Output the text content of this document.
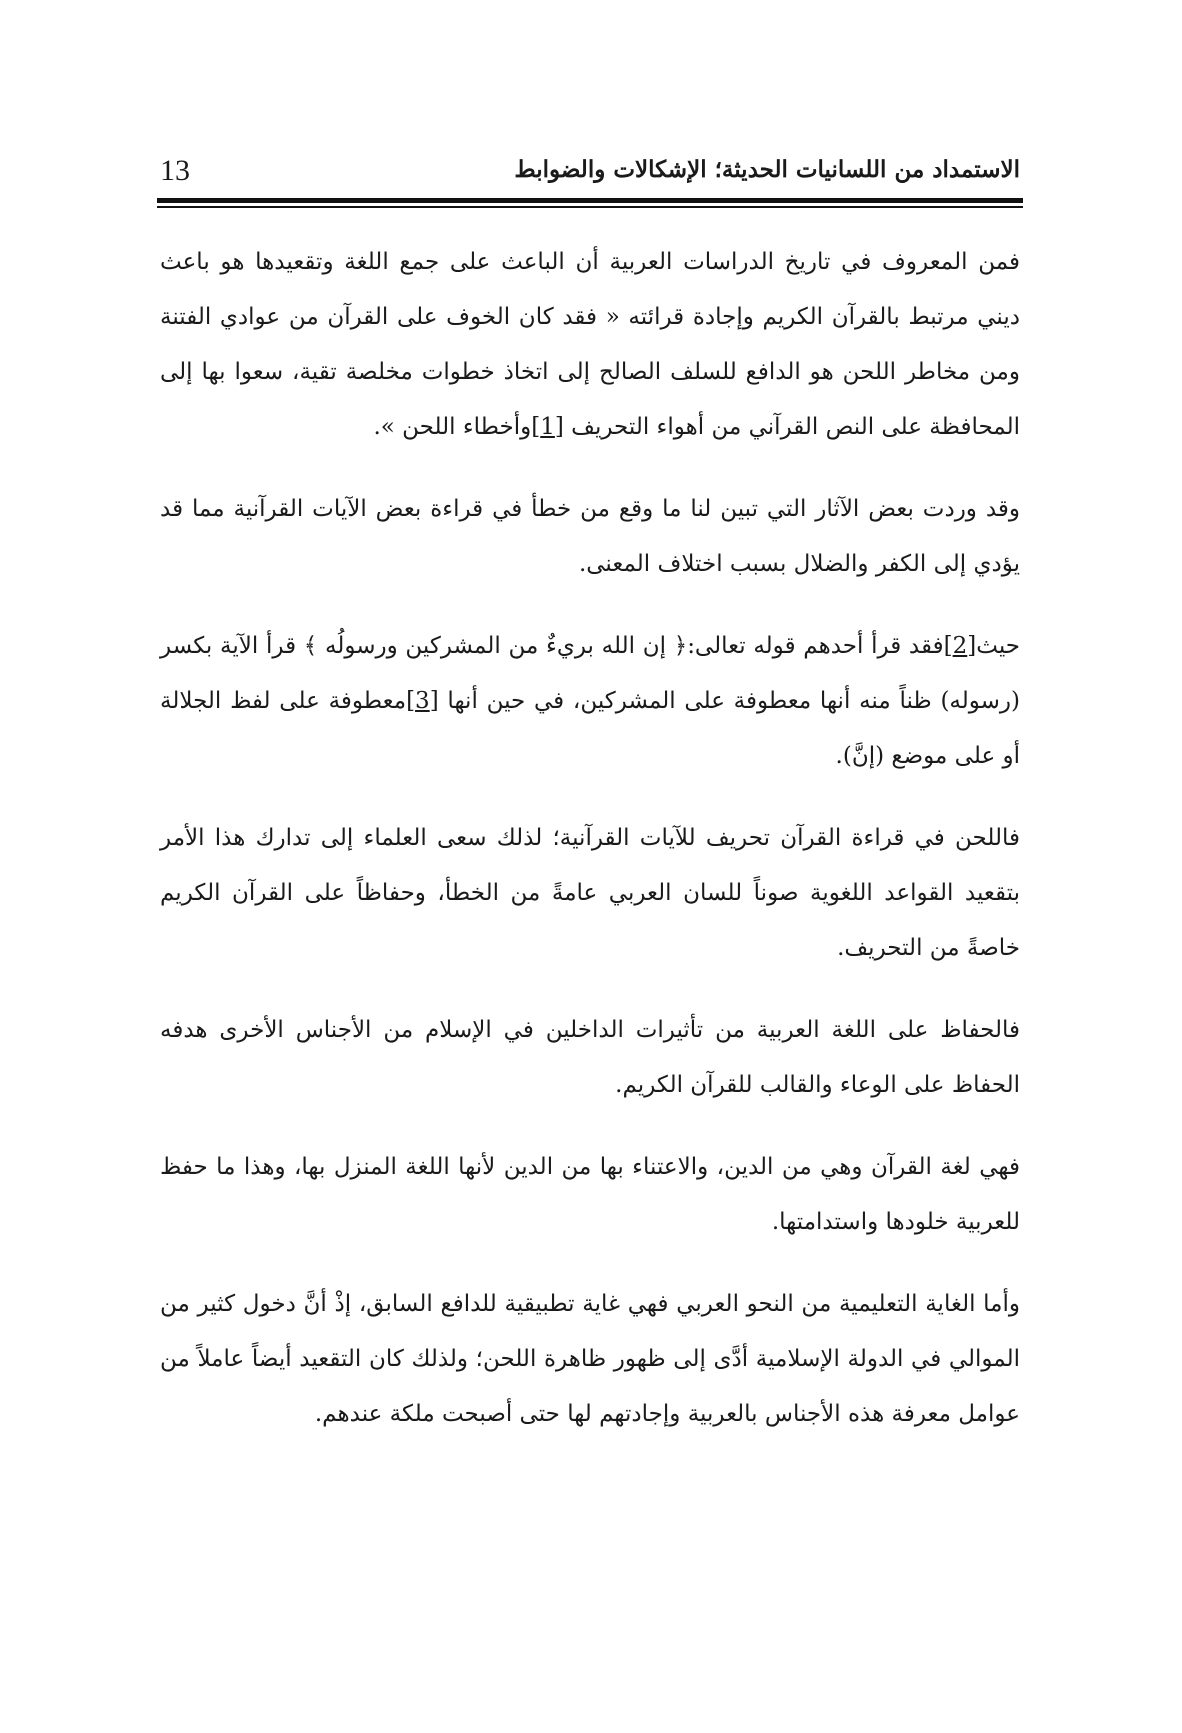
الاستمداد من اللسانيات الحديثة؛ الإشكالات والضوابط
13

فمن المعروف في تاريخ الدراسات العربية أن الباعث على جمع اللغة وتقعيدها هو باعث ديني مرتبط بالقرآن الكريم وإجادة قرائته « فقد كان الخوف على القرآن من عوادي الفتنة ومن مخاطر اللحن هو الدافع للسلف الصالح إلى اتخاذ خطوات مخلصة تقية، سعوا بها إلى المحافظة على النص القرآني من أهواء التحريف [1]وأخطاء اللحن ».

وقد وردت بعض الآثار التي تبين لنا ما وقع من خطأ في قراءة بعض الآيات القرآنية مما قد يؤدي إلى الكفر والضلال بسبب اختلاف المعنى.

حيث[2]فقد قرأ أحدهم قوله تعالى:﴿ إن الله بريءٌ من المشركين ورسولُه ﴾ قرأ الآية بكسر (رسوله) ظناً منه أنها معطوفة على المشركين، في حين أنها [3]معطوفة على لفظ الجلالة أو على موضع (إنَّ).

فاللحن في قراءة القرآن تحريف للآيات القرآنية؛ لذلك سعى العلماء إلى تدارك هذا الأمر بتقعيد القواعد اللغوية صوناً للسان العربي عامةً من الخطأ، وحفاظاً على القرآن الكريم خاصةً من التحريف.

فالحفاظ على اللغة العربية من تأثيرات الداخلين في الإسلام من الأجناس الأخرى هدفه الحفاظ على الوعاء والقالب للقرآن الكريم.

فهي لغة القرآن وهي من الدين، والاعتناء بها من الدين لأنها اللغة المنزل بها، وهذا ما حفظ للعربية خلودها واستدامتها.

وأما الغاية التعليمية من النحو العربي فهي غاية تطبيقية للدافع السابق، إذْ أنَّ دخول كثير من الموالي في الدولة الإسلامية أدَّى إلى ظهور ظاهرة اللحن؛ ولذلك كان التقعيد أيضاً عاملاً من عوامل معرفة هذه الأجناس بالعربية وإجادتهم لها حتى أصبحت ملكة عندهم.
